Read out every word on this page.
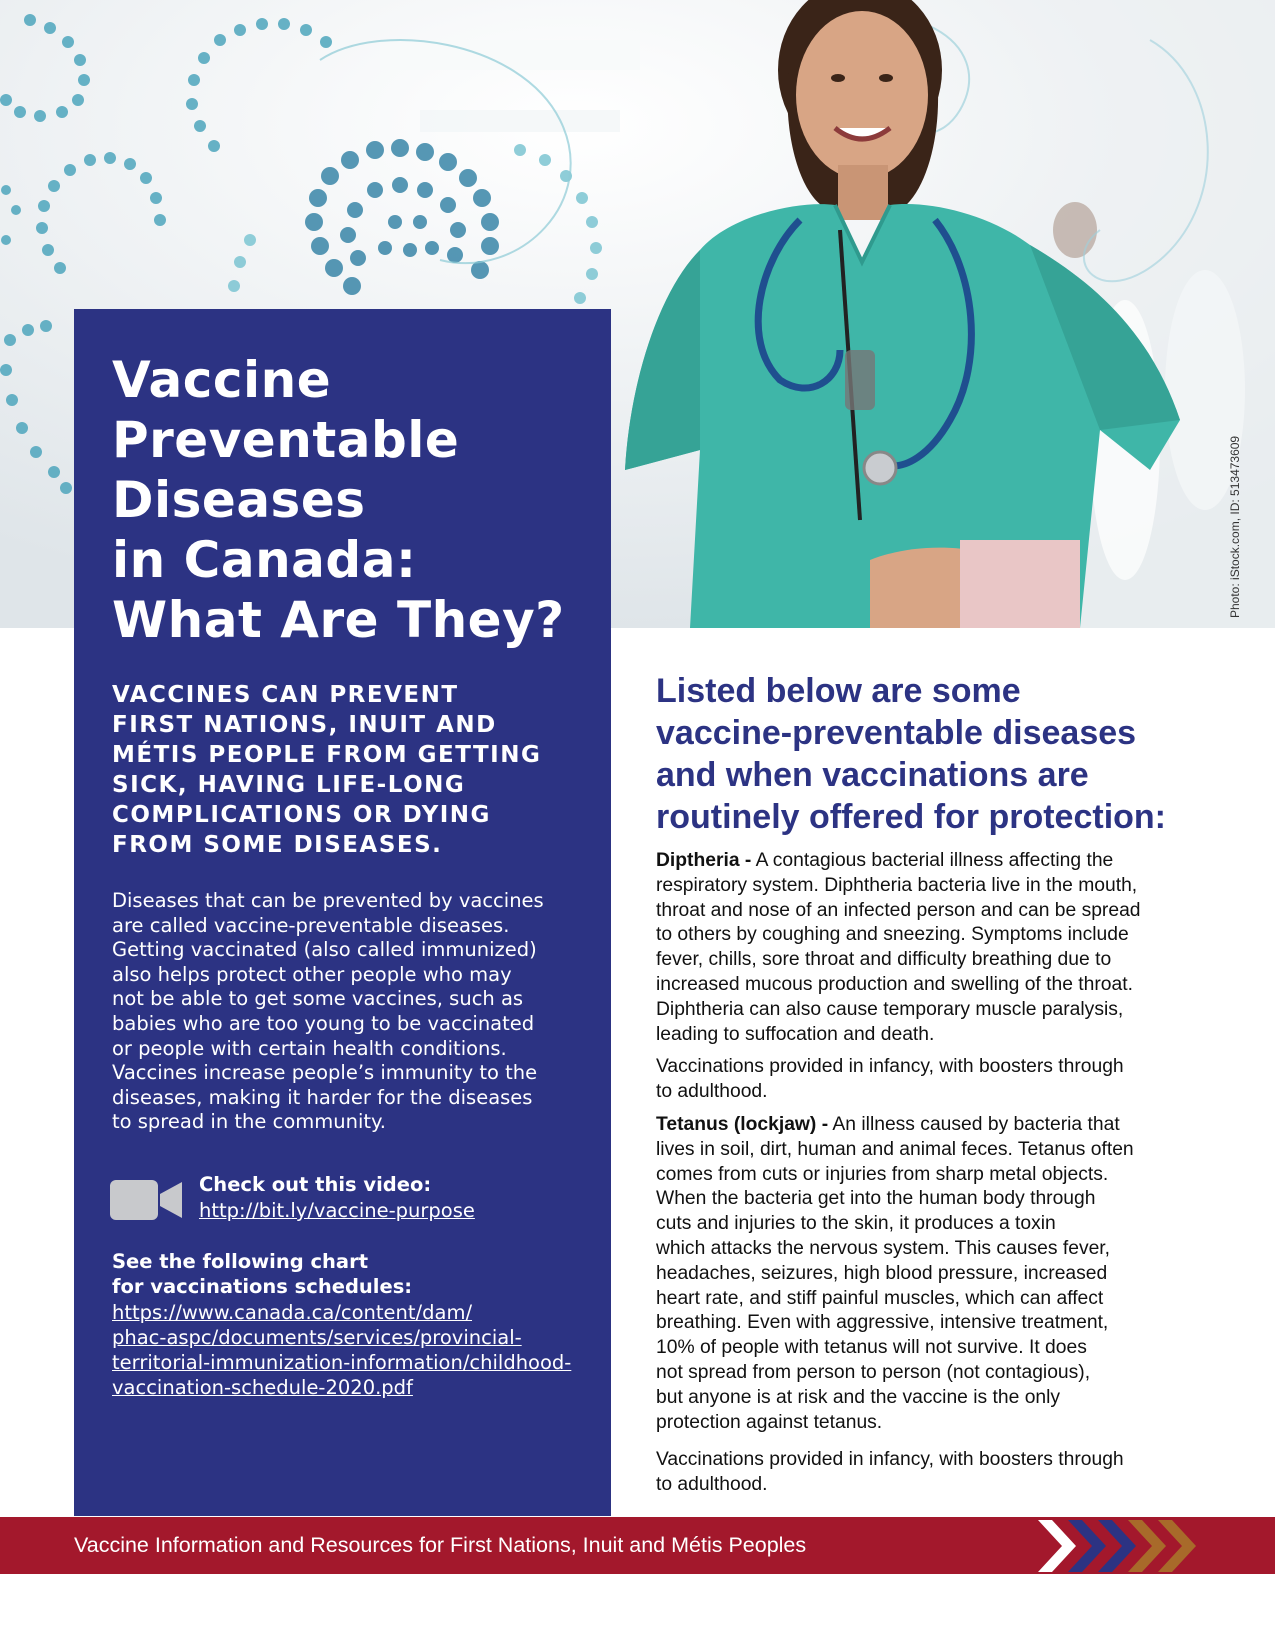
Photo: iStock.com, ID: 513473609
Vaccine
Preventable
Diseases
in Canada:
What Are They?
VACCINES CAN PREVENT
FIRST NATIONS, INUIT AND
MÉTIS PEOPLE FROM GETTING
SICK, HAVING LIFE-LONG
COMPLICATIONS OR DYING
FROM SOME DISEASES.
Diseases that can be prevented by vaccines
are called vaccine-preventable diseases.
Getting vaccinated (also called immunized)
also helps protect other people who may
not be able to get some vaccines, such as
babies who are too young to be vaccinated
or people with certain health conditions.
Vaccines increase people’s immunity to the
diseases, making it harder for the diseases
to spread in the community.
Check out this video:
http://bit.ly/vaccine-purpose
See the following chart
for vaccinations schedules:
https://www.canada.ca/content/dam/
phac-aspc/documents/services/provincial-
territorial-immunization-information/childhood-
vaccination-schedule-2020.pdf
Listed below are some
vaccine-preventable diseases
and when vaccinations are
routinely offered for protection:
Diptheria - A contagious bacterial illness affecting the
respiratory system. Diphtheria bacteria live in the mouth,
throat and nose of an infected person and can be spread
to others by coughing and sneezing. Symptoms include
fever, chills, sore throat and difficulty breathing due to
increased mucous production and swelling of the throat.
Diphtheria can also cause temporary muscle paralysis,
leading to suffocation and death.
Vaccinations provided in infancy, with boosters through
to adulthood.
Tetanus (lockjaw) - An illness caused by bacteria that
lives in soil, dirt, human and animal feces. Tetanus often
comes from cuts or injuries from sharp metal objects.
When the bacteria get into the human body through
cuts and injuries to the skin, it produces a toxin
which attacks the nervous system. This causes fever,
headaches, seizures, high blood pressure, increased
heart rate, and stiff painful muscles, which can affect
breathing. Even with aggressive, intensive treatment,
10% of people with tetanus will not survive. It does
not spread from person to person (not contagious),
but anyone is at risk and the vaccine is the only
protection against tetanus.
Vaccinations provided in infancy, with boosters through
to adulthood.
Vaccine Information and Resources for First Nations, Inuit and Métis Peoples
